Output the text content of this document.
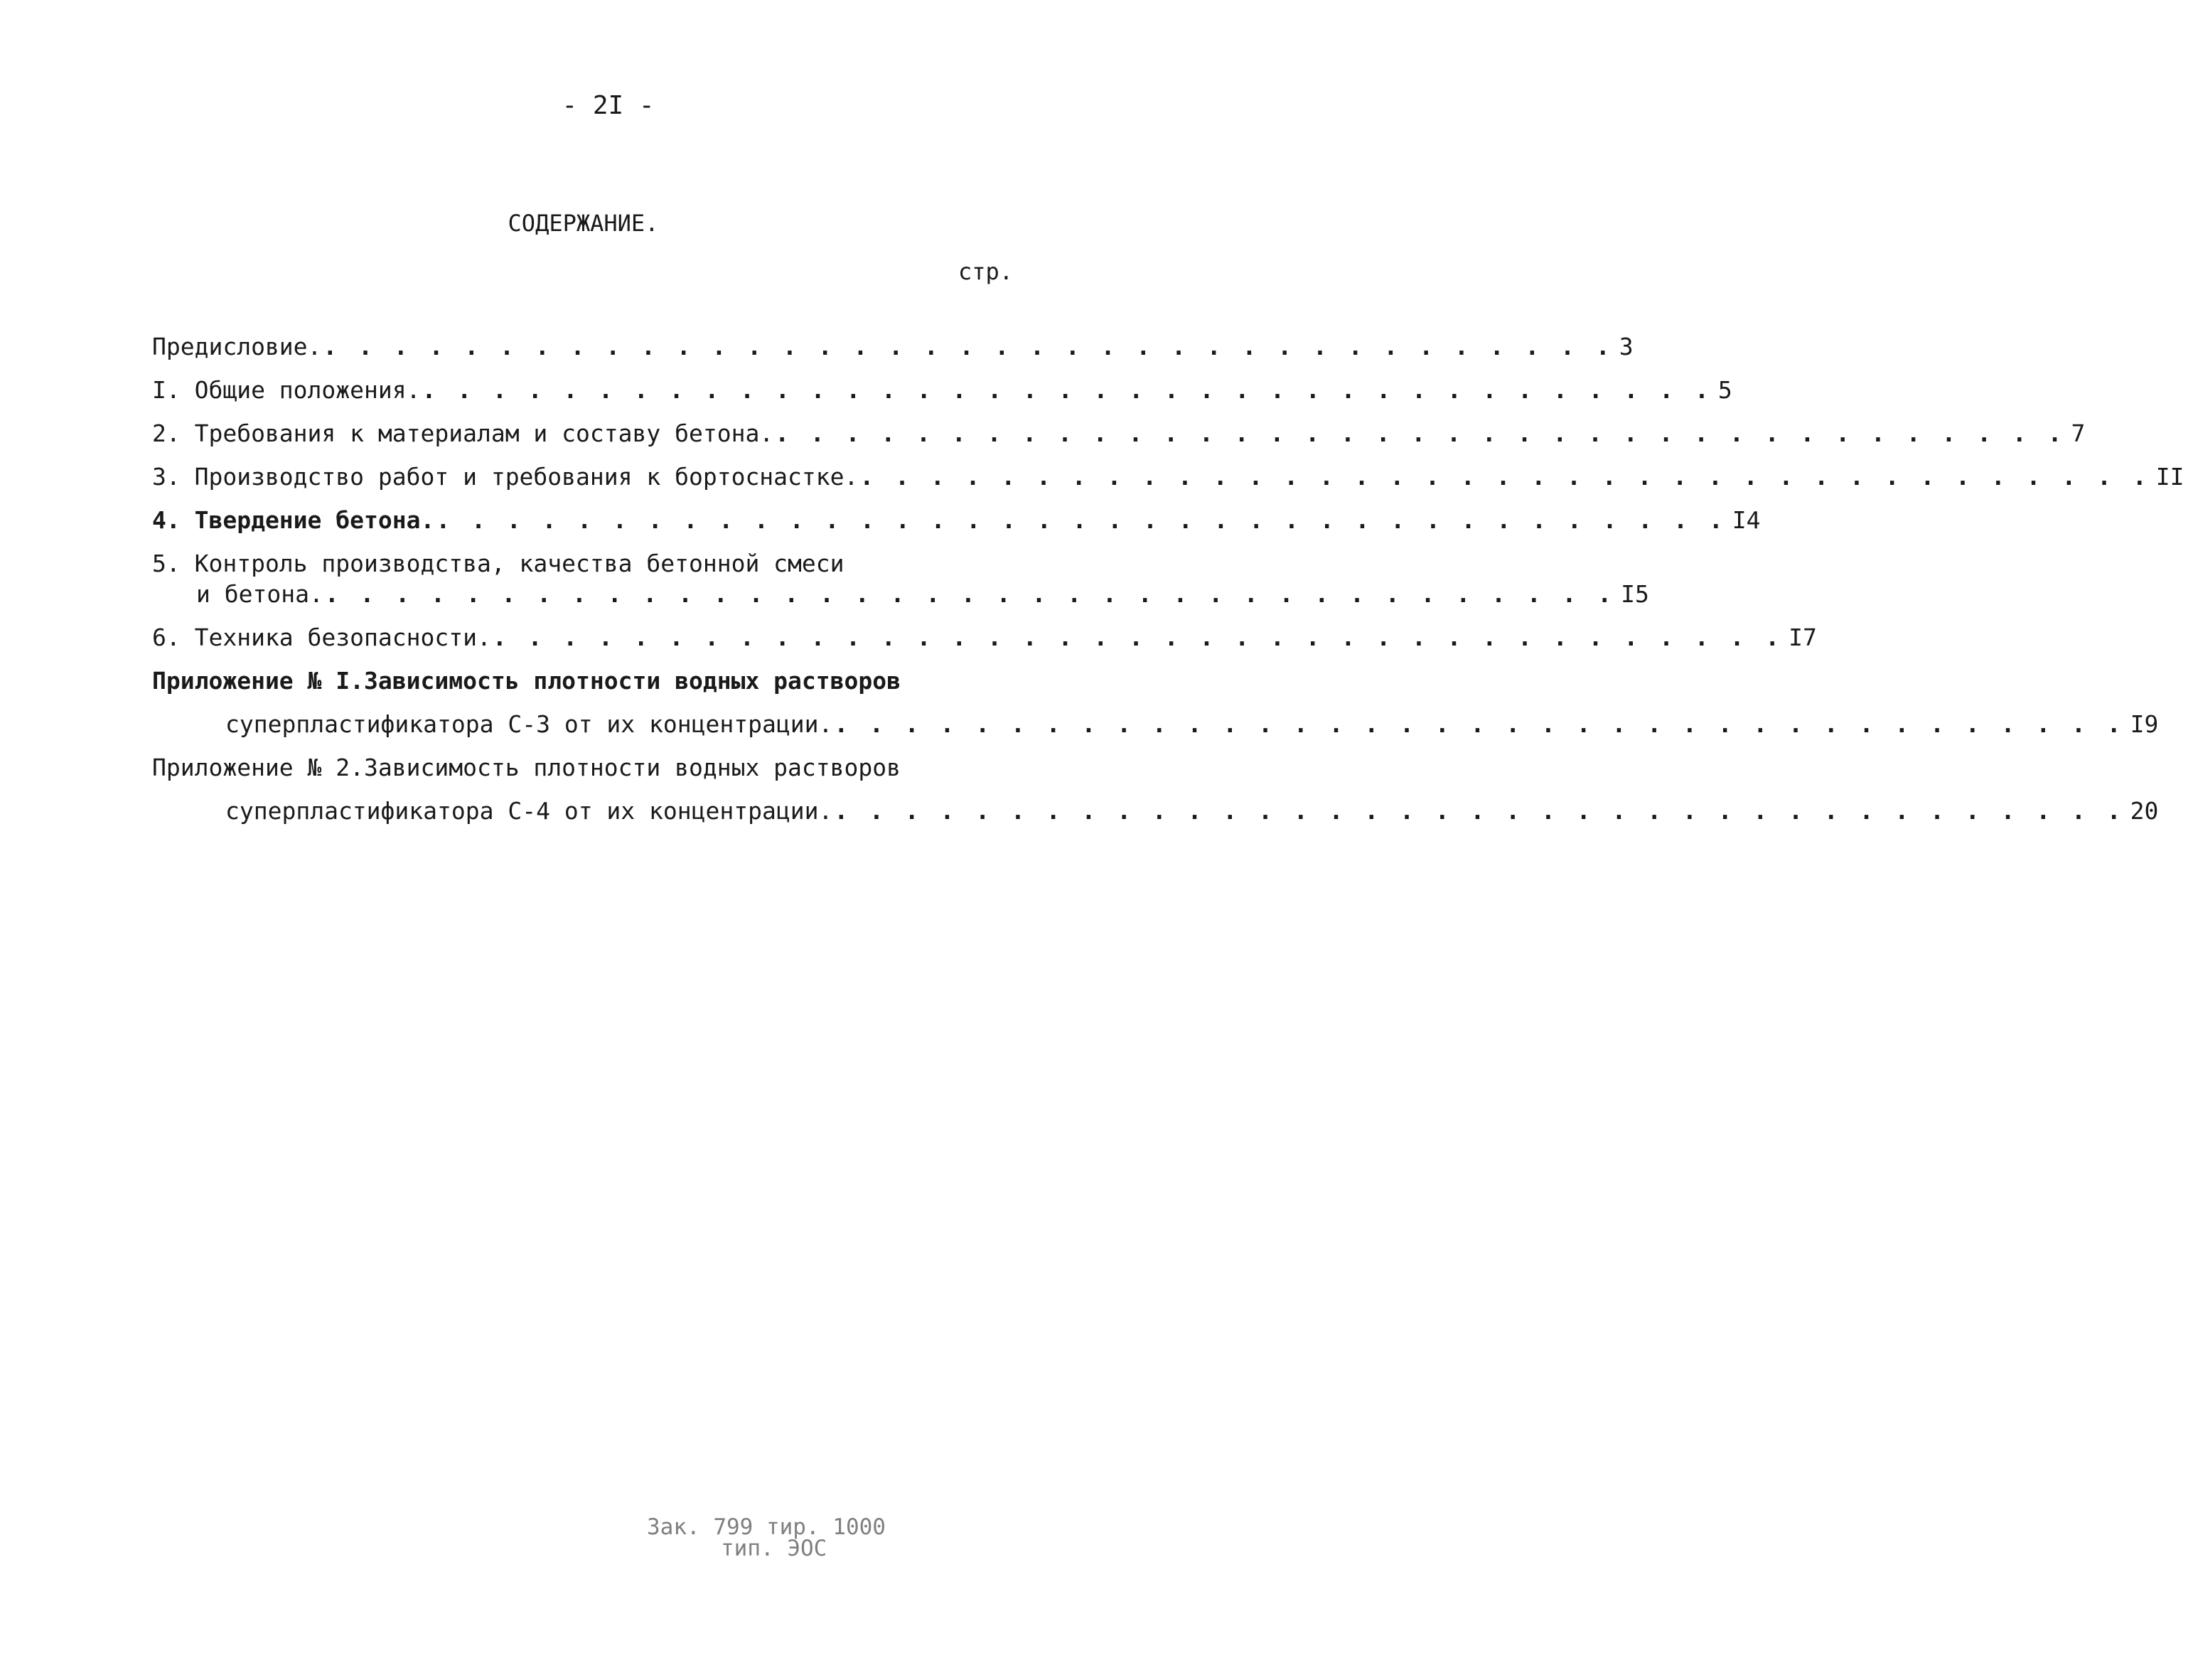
- 2I -
СОДЕРЖАНИЕ.
стр.
Предисловие. . . . . . . . . . . . . . . . . . . . . . . . . . . . . . . . . . . . . . 3
I. Общие положения. . . . . . . . . . . . . . . . . . . . . . . . . . . . . . . . . . . . . . 5
2. Требования к материалам и составу бетона. . . . . . . . . . . . . . . . . . . . . . . . . . . . . . . . . . . . . . 7
3. Производство работ и требования к бортоснастке. . . . . . . . . . . . . . . . . . . . . . . . . . . . . . . . . . . . . . II
4. Твердение бетона. . . . . . . . . . . . . . . . . . . . . . . . . . . . . . . . . . . . . . I4
5. Контроль производства, качества бетонной смеси
и бетона. . . . . . . . . . . . . . . . . . . . . . . . . . . . . . . . . . . . . . I5
6. Техника безопасности. . . . . . . . . . . . . . . . . . . . . . . . . . . . . . . . . . . . . . I7
Приложение № I.Зависимость плотности водных растворов
суперпластификатора С-3 от их концентрации. . . . . . . . . . . . . . . . . . . . . . . . . . . . . . . . . . . . . . I9
Приложение № 2.Зависимость плотности водных растворов
суперпластификатора С-4 от их концентрации. . . . . . . . . . . . . . . . . . . . . . . . . . . . . . . . . . . . . . 20
Зак. 799 тир. 1000
тип. ЭОС
